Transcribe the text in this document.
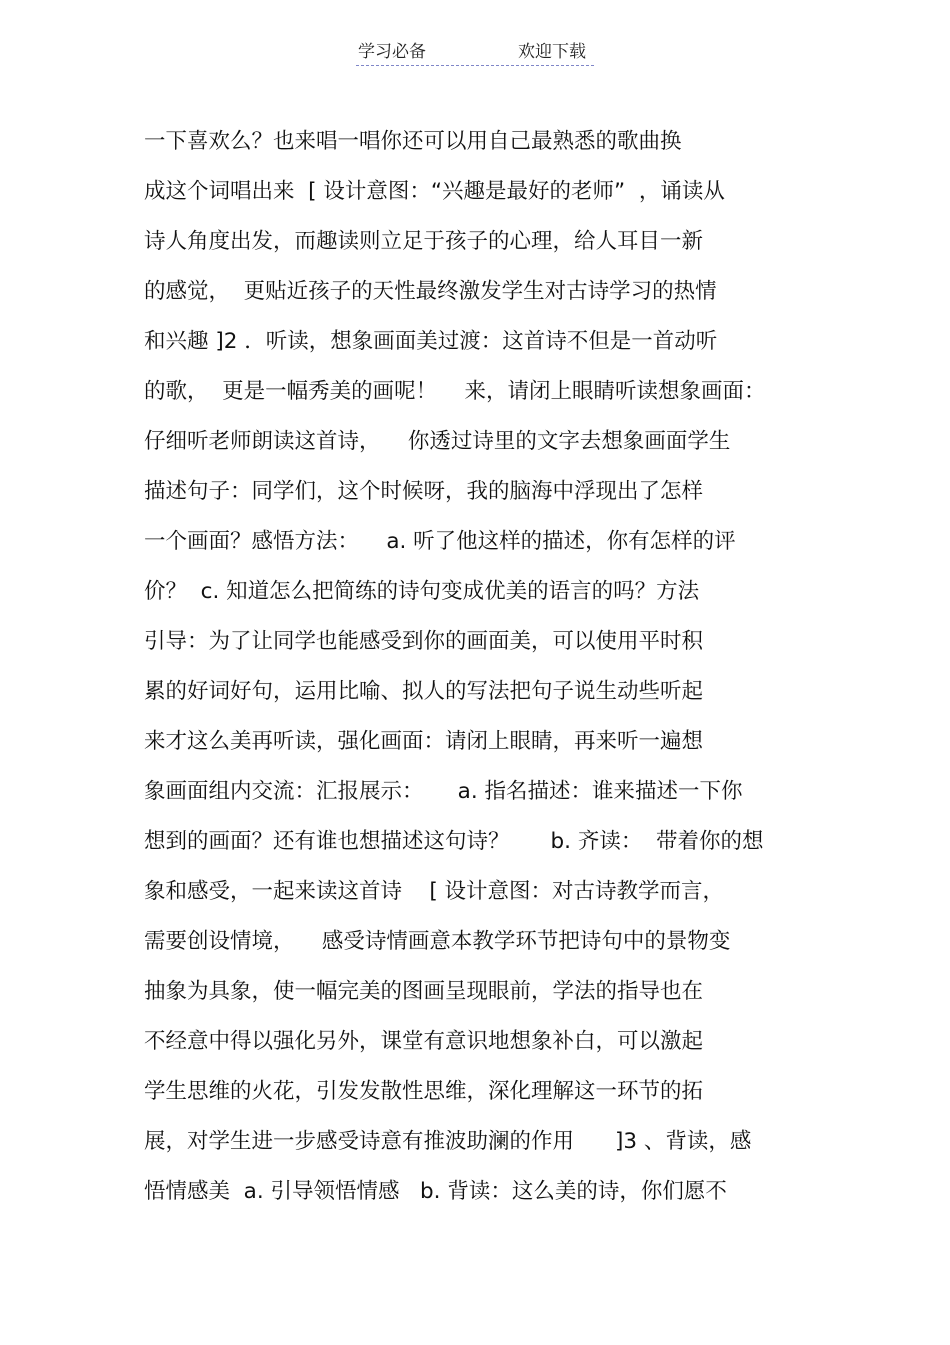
学习必备	欢迎下载
一下喜欢么？也来唱一唱你还可以用自己最熟悉的歌曲换
成这个词唱出来  [ 设计意图：“兴趣是最好的老师”  ，诵读从
诗人角度出发，而趣读则立足于孩子的心理，给人耳目一新
的感觉，  更贴近孩子的天性最终激发学生对古诗学习的热情
和兴趣 ]2 ．听读，想象画面美过渡：这首诗不但是一首动听
的歌，  更是一幅秀美的画呢！    来，请闭上眼睛听读想象画面：
仔细听老师朗读这首诗，    你透过诗里的文字去想象画面学生
描述句子：同学们，这个时候呀，我的脑海中浮现出了怎样
一个画面？感悟方法：    a. 听了他这样的描述，你有怎样的评
价？  c. 知道怎么把简练的诗句变成优美的语言的吗？方法
引导：为了让同学也能感受到你的画面美，可以使用平时积
累的好词好句，运用比喻、拟人的写法把句子说生动些听起
来才这么美再听读，强化画面：请闭上眼睛，再来听一遍想
象画面组内交流：汇报展示：     a. 指名描述：谁来描述一下你
想到的画面？还有谁也想描述这句诗？      b. 齐读：  带着你的想
象和感受，一起来读这首诗    [ 设计意图：对古诗教学而言，
需要创设情境，    感受诗情画意本教学环节把诗句中的景物变
抽象为具象，使一幅完美的图画呈现眼前，学法的指导也在
不经意中得以强化另外，课堂有意识地想象补白，可以激起
学生思维的火花，引发发散性思维，深化理解这一环节的拓
展，对学生进一步感受诗意有推波助澜的作用      ]3 、背读，感
悟情感美  a. 引导领悟情感   b. 背读：这么美的诗，你们愿不
